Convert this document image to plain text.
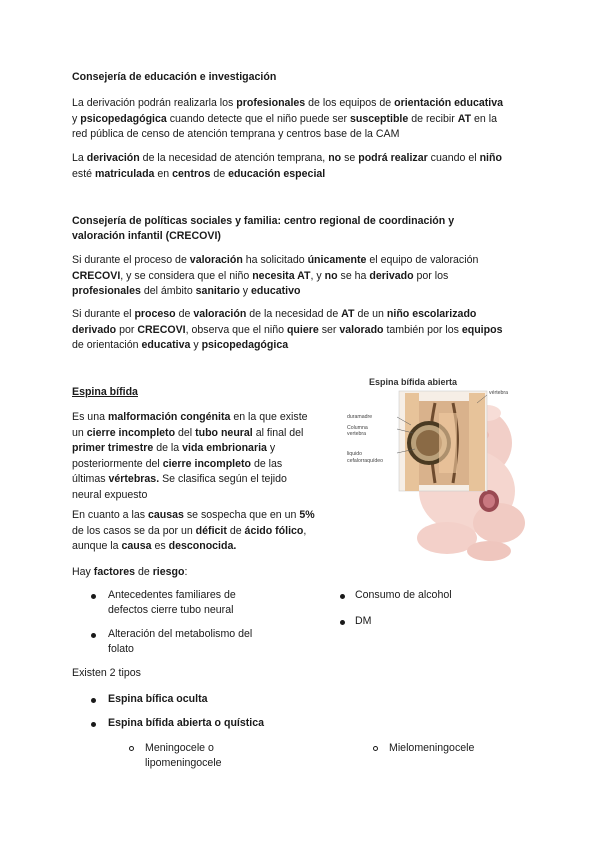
Consejería de educación e investigación
La derivación podrán realizarla los profesionales de los equipos de orientación educativa
y psicopedagógica cuando detecte que el niño puede ser susceptible de recibir AT en la
red pública de censo de atención temprana y centros base de la CAM
La derivación de la necesidad de atención temprana, no se podrá realizar cuando el niño
esté matriculada en centros de educación especial
Consejería de políticas sociales y familia: centro regional de coordinación y
valoración infantil (CRECOVI)
Si durante el proceso de valoración ha solicitado únicamente el equipo de valoración
CRECOVI, y se considera que el niño necesita AT, y no se ha derivado por los
profesionales del ámbito sanitario y educativo
Si durante el proceso de valoración de la necesidad de AT de un niño escolarizado
derivado por CRECOVI, observa que el niño quiere ser valorado también por los equipos
de orientación educativa y psicopedagógica
Espina bífida
Es una malformación congénita en la que existe
un cierre incompleto del tubo neural al final del
primer trimestre de la vida embrionaria y
posteriormente del cierre incompleto de las
últimas vértebras. Se clasifica según el tejido
neural expuesto
En cuanto a las causas se sospecha que en un 5%
de los casos se da por un déficit de ácido fólico,
aunque la causa es desconocida.
Espina bífida abierta
vértebra
duramadre
Columna
vertebra
liquido
cefalorraquídeo
Hay factores de riesgo:
Antecedentes familiares de
defectos cierre tubo neural
Alteración del metabolismo del
folato
Consumo de alcohol
DM
Existen 2 tipos
Espina bífica oculta
Espina bífida abierta o quística
Meningocele o
lipomeningocele
Mielomeningocele
